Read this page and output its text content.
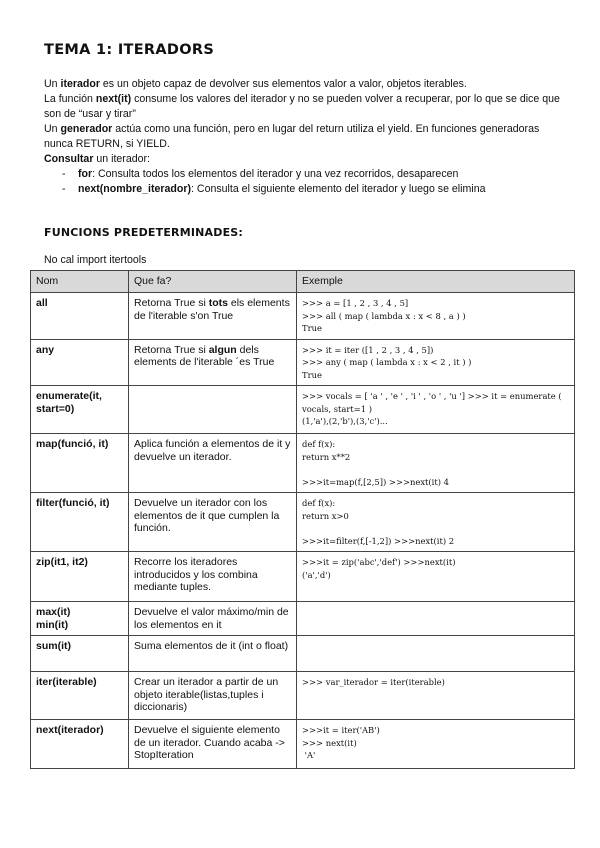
TEMA 1: ITERADORS

Un iterador es un objeto capaz de devolver sus elementos valor a valor, objetos iterables.

La función next(it) consume los valores del iterador y no se pueden volver a recuperar, por lo que se dice que son de “usar y tirar”

Un generador actúa como una función, pero en lugar del return utiliza el yield. En funciones generadoras nunca RETURN, si YIELD.

Consultar un iterador:

- for: Consulta todos los elementos del iterador y una vez recorridos, desaparecen
- next(nombre_iterador): Consulta el siguiente elemento del iterador y luego se elimina
FUNCIONS PREDETERMINADES:
No cal import itertools
Nom	Que fa?	Exemple
all	Retorna True si tots els elements de l'iterable s'on True	>>> a = [1 , 2 , 3 , 4 , 5]
>>> all ( map ( lambda x : x < 8 , a ) )
True
any	Retorna True si algun dels elements de l'iterable ´es True	>>> it = iter ([1 , 2 , 3 , 4 , 5])
>>> any ( map ( lambda x : x < 2 , it ) )
True
enumerate(it,
start=0)		>>> vocals = [ 'a ' , 'e ' , 'i ' , 'o ' , 'u '] >>> it = enumerate ( vocals, start=1 )
(1,'a'),(2,'b'),(3,'c')...
map(funció, it)	Aplica función a elementos de it y devuelve un iterador.	def f(x):
return x**2

>>>it=map(f,[2,5]) >>>next(it) 4
filter(funció, it)	Devuelve un iterador con los elementos de it que cumplen la función.	def f(x):
return x>0

>>>it=filter(f,[-1,2]) >>>next(it) 2
zip(it1, it2)	Recorre los iteradores introducidos y los combina mediante tuples.	>>>it = zip('abc','def') >>>next(it)
('a','d')
max(it)
min(it)	Devuelve el valor máximo/min de los elementos en it	
sum(it)	Suma elementos de it (int o float)	
iter(iterable)	Crear un iterador a partir de un objeto iterable(listas,tuples i diccionaris)	>>> var_iterador = iter(iterable)
next(iterador)	Devuelve el siguiente elemento de un iterador. Cuando acaba -> StopIteration	>>>it = iter('AB')
>>> next(it)
'A'
